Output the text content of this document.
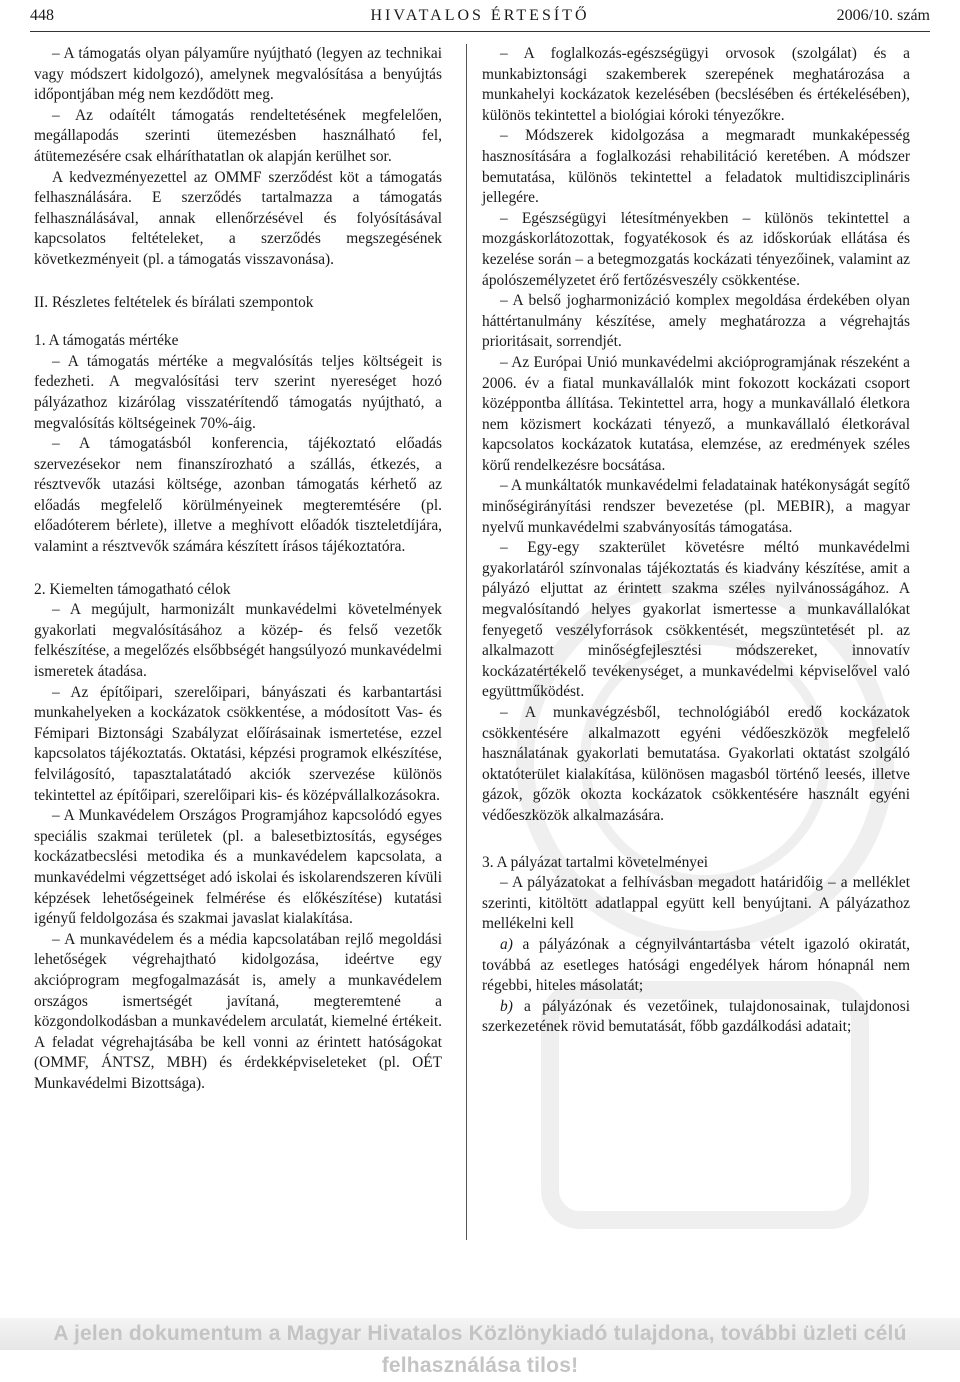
448	HIVATALOS ÉRTESÍTŐ	2006/10. szám

– A támogatás olyan pályaműre nyújtható (legyen az technikai vagy módszert kidolgozó), amelynek megvalósítása a benyújtás időpontjában még nem kezdődött meg.

– Az odaítélt támogatás rendeltetésének megfelelően, megállapodás szerinti ütemezésben használható fel, átütemezésére csak elháríthatatlan ok alapján kerülhet sor.

A kedvezményezettel az OMMF szerződést köt a támogatás felhasználására. E szerződés tartalmazza a támogatás felhasználásával, annak ellenőrzésével és folyósításával kapcsolatos feltételeket, a szerződés megszegésének következményeit (pl. a támogatás visszavonása).

II. Részletes feltételek és bírálati szempontok

1. A támogatás mértéke

– A támogatás mértéke a megvalósítás teljes költségeit is fedezheti. A megvalósítási terv szerint nyereséget hozó pályázathoz kizárólag visszatérítendő támogatás nyújtható, a megvalósítás költségeinek 70%-áig.

– A támogatásból konferencia, tájékoztató előadás szervezésekor nem finanszírozható a szállás, étkezés, a résztvevők utazási költsége, azonban támogatás kérhető az előadás megfelelő körülményeinek megteremtésére (pl. előadóterem bérlete), illetve a meghívott előadók tiszteletdíjára, valamint a résztvevők számára készített írásos tájékoztatóra.

2. Kiemelten támogatható célok

– A megújult, harmonizált munkavédelmi követelmények gyakorlati megvalósításához a közép- és felső vezetők felkészítése, a megelőzés elsőbbségét hangsúlyozó munkavédelmi ismeretek átadása.

– Az építőipari, szerelőipari, bányászati és karbantartási munkahelyeken a kockázatok csökkentése, a módosított Vas- és Fémipari Biztonsági Szabályzat előírásainak ismertetése, ezzel kapcsolatos tájékoztatás. Oktatási, képzési programok elkészítése, felvilágosító, tapasztalatátadó akciók szervezése különös tekintettel az építőipari, szerelőipari kis- és középvállalkozásokra.

– A Munkavédelem Országos Programjához kapcsolódó egyes speciális szakmai területek (pl. a balesetbiztosítás, egységes kockázatbecslési metodika és a munkavédelem kapcsolata, a munkavédelmi végzettséget adó iskolai és iskolarendszeren kívüli képzések lehetőségeinek felmérése és előkészítése) kutatási igényű feldolgozása és szakmai javaslat kialakítása.

– A munkavédelem és a média kapcsolatában rejlő megoldási lehetőségek végrehajtható kidolgozása, ideértve egy akcióprogram megfogalmazását is, amely a munkavédelem országos ismertségét javítaná, megteremtené a közgondolkodásban a munkavédelem arculatát, kiemelné értékeit. A feladat végrehajtásába be kell vonni az érintett hatóságokat (OMMF, ÁNTSZ, MBH) és érdekképviseleteket (pl. OÉT Munkavédelmi Bizottsága).

– A foglalkozás-egészségügyi orvosok (szolgálat) és a munkabiztonsági szakemberek szerepének meghatározása a munkahelyi kockázatok kezelésében (becslésében és értékelésében), különös tekintettel a biológiai kóroki tényezőkre.

– Módszerek kidolgozása a megmaradt munkaképesség hasznosítására a foglalkozási rehabilitáció keretében. A módszer bemutatása, különös tekintettel a feladatok multidiszciplináris jellegére.

– Egészségügyi létesítményekben – különös tekintettel a mozgáskorlátozottak, fogyatékosok és az időskorúak ellátása és kezelése során – a betegmozgatás kockázati tényezőinek, valamint az ápolószemélyzetet érő fertőzésveszély csökkentése.

– A belső jogharmonizáció komplex megoldása érdekében olyan háttértanulmány készítése, amely meghatározza a végrehajtás prioritásait, sorrendjét.

– Az Európai Unió munkavédelmi akcióprogramjának részeként a 2006. év a fiatal munkavállalók mint fokozott kockázati csoport középpontba állítása. Tekintettel arra, hogy a munkavállaló életkora nem közismert kockázati tényező, a munkavállaló életkorával kapcsolatos kockázatok kutatása, elemzése, az eredmények széles körű rendelkezésre bocsátása.

– A munkáltatók munkavédelmi feladatainak hatékonyságát segítő minőségirányítási rendszer bevezetése (pl. MEBIR), a magyar nyelvű munkavédelmi szabványosítás támogatása.

– Egy-egy szakterület követésre méltó munkavédelmi gyakorlatáról színvonalas tájékoztatás és kiadvány készítése, amit a pályázó eljuttat az érintett szakma széles nyilvánosságához. A megvalósítandó helyes gyakorlat ismertesse a munkavállalókat fenyegető veszélyforrások csökkentését, megszüntetését pl. az alkalmazott minőségfejlesztési módszereket, innovatív kockázatértékelő tevékenységet, a munkavédelmi képviselővel való együttműködést.

– A munkavégzésből, technológiából eredő kockázatok csökkentésére alkalmazott egyéni védőeszközök megfelelő használatának gyakorlati bemutatása. Gyakorlati oktatást szolgáló oktatóterület kialakítása, különösen magasból történő leesés, illetve gázok, gőzök okozta kockázatok csökkentésére használt egyéni védőeszközök alkalmazására.

3. A pályázat tartalmi követelményei

– A pályázatokat a felhívásban megadott határidőig – a melléklet szerinti, kitöltött adatlappal együtt kell benyújtani. A pályázathoz mellékelni kell

a) a pályázónak a cégnyilvántartásba vételt igazoló okiratát, továbbá az esetleges hatósági engedélyek három hónapnál nem régebbi, hiteles másolatát;

b) a pályázónak és vezetőinek, tulajdonosainak, tulajdonosi szerkezetének rövid bemutatását, főbb gazdálkodási adatait;

A jelen dokumentum a Magyar Hivatalos Közlönykiadó tulajdona, további üzleti célú felhasználása tilos!
